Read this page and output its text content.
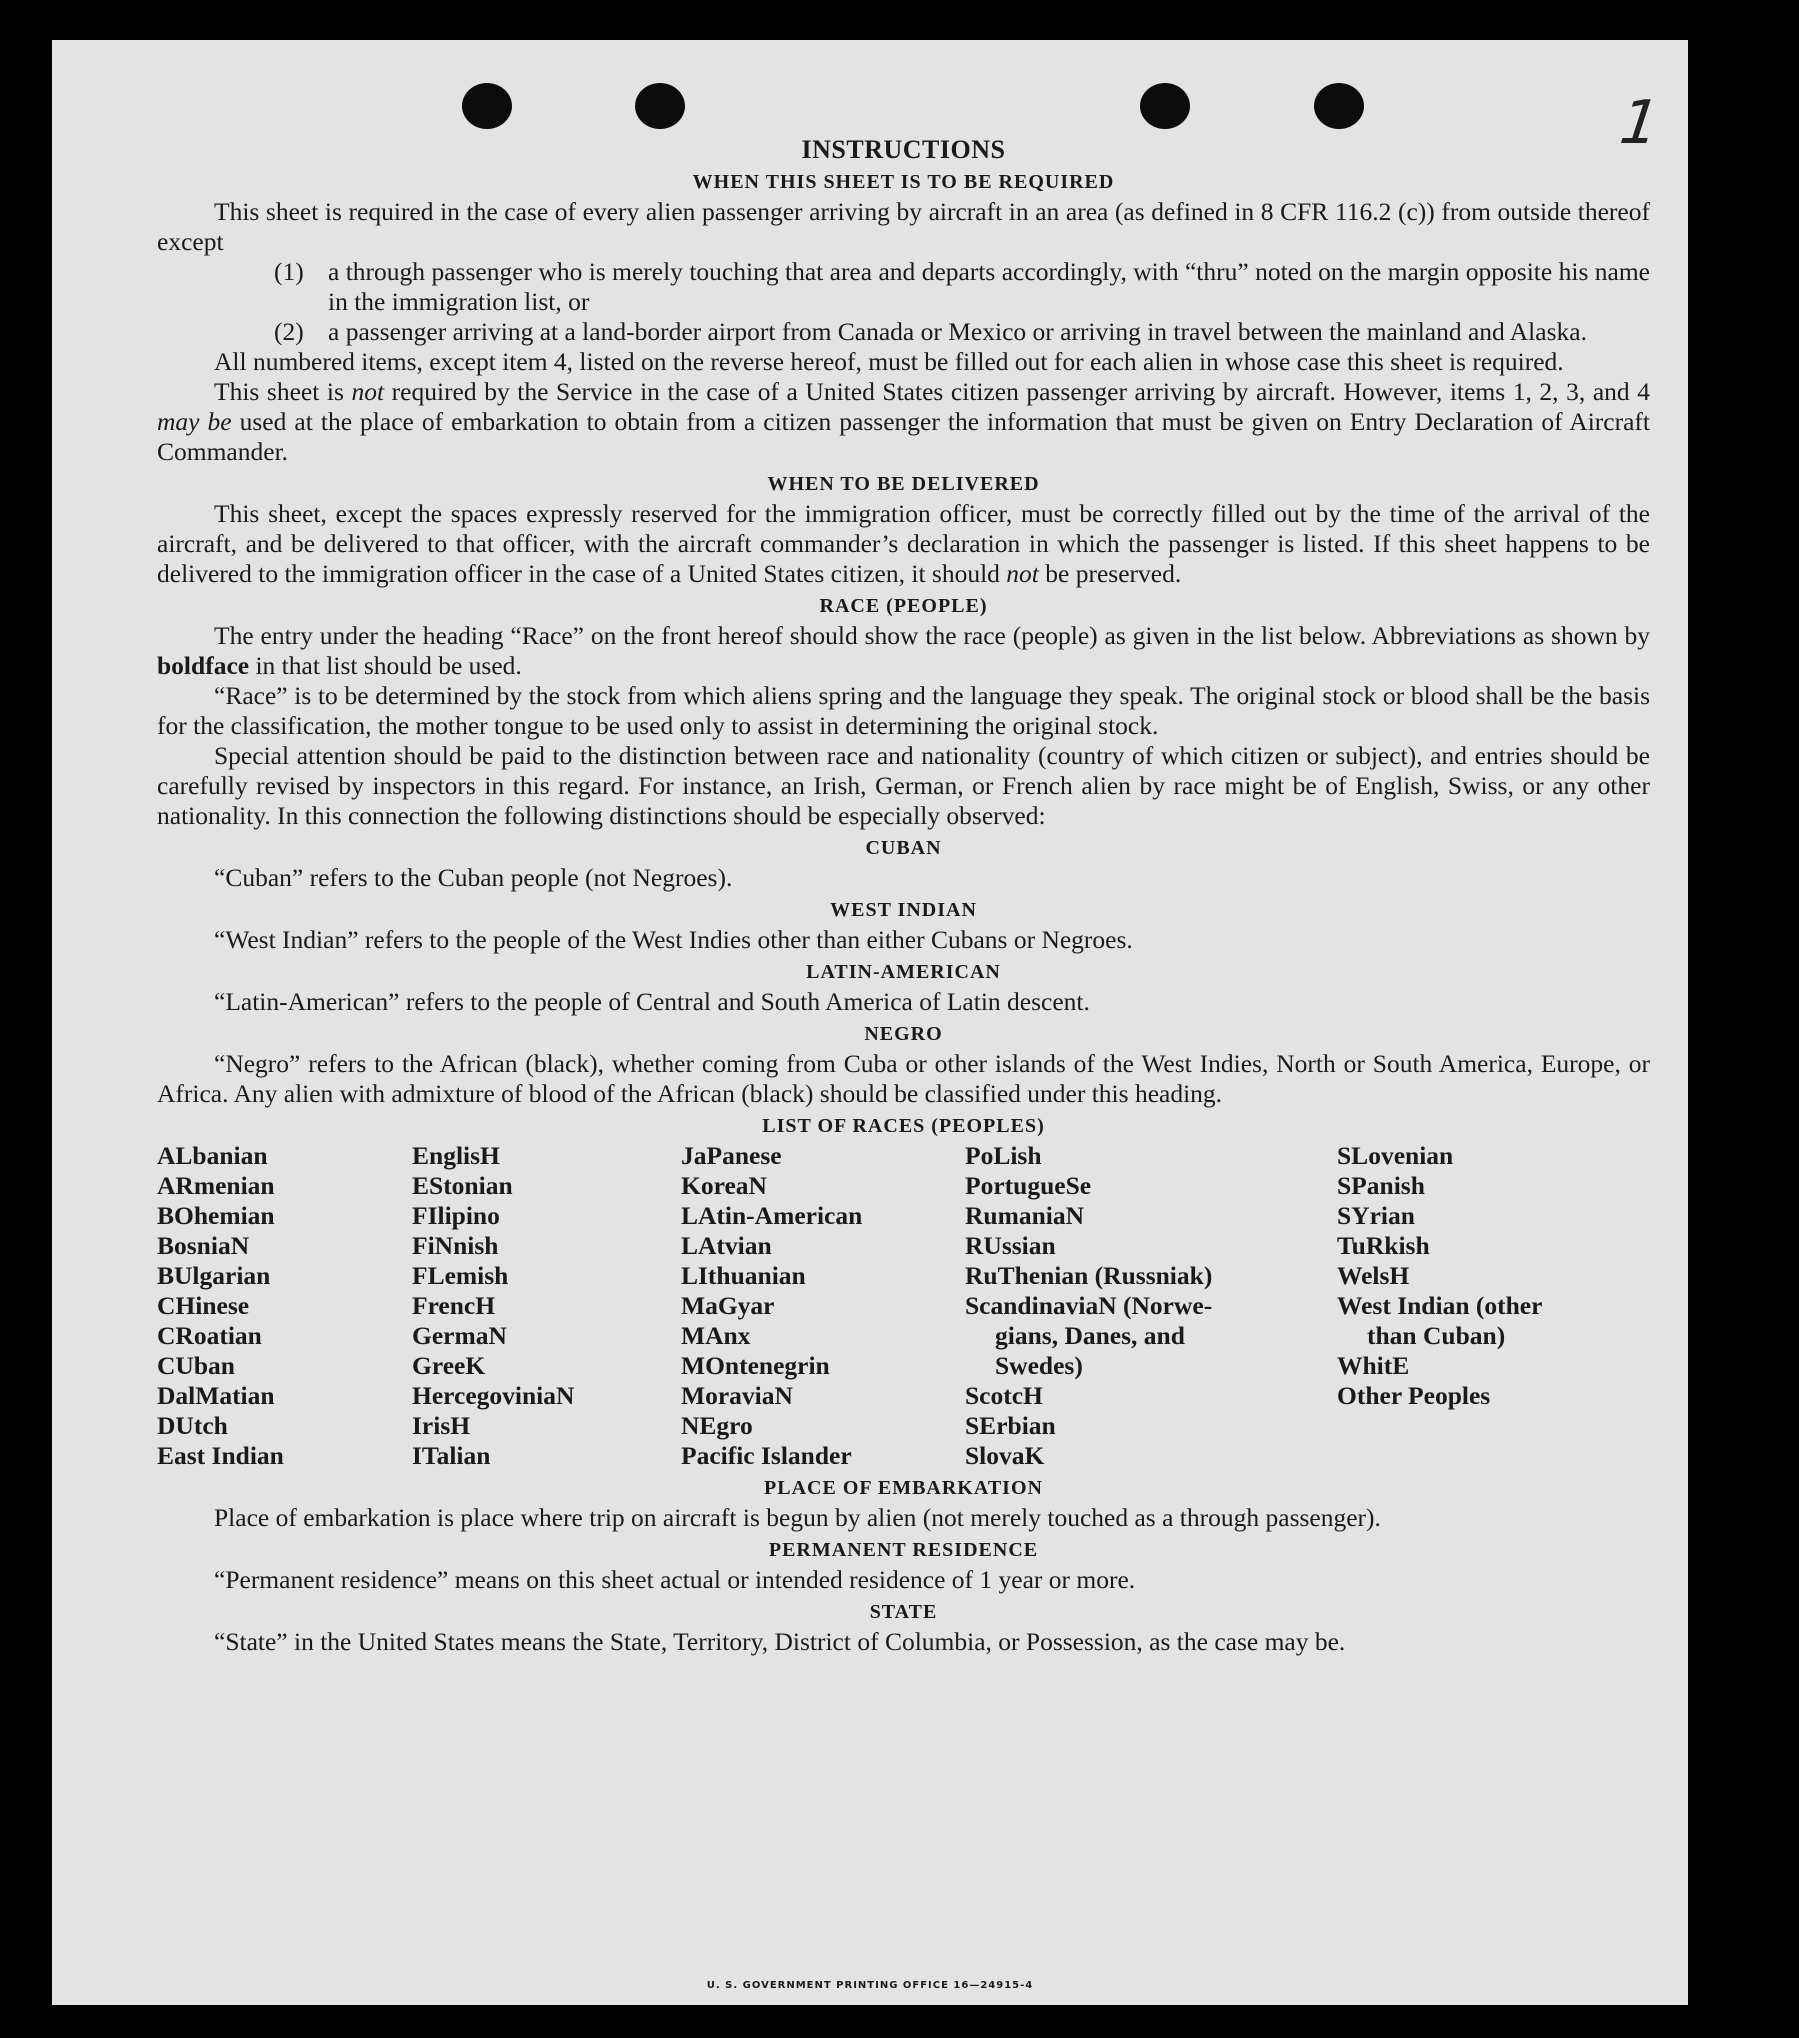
1
INSTRUCTIONS
WHEN THIS SHEET IS TO BE REQUIRED

This sheet is required in the case of every alien passenger arriving by aircraft in an area (as defined in 8 CFR 116.2 (c)) from outside thereof except

(1) a through passenger who is merely touching that area and departs accordingly, with “thru” noted on the margin opposite his name in the immigration list, or
(2) a passenger arriving at a land-border airport from Canada or Mexico or arriving in travel between the mainland and Alaska.

All numbered items, except item 4, listed on the reverse hereof, must be filled out for each alien in whose case this sheet is required.

This sheet is not required by the Service in the case of a United States citizen passenger arriving by aircraft. However, items 1, 2, 3, and 4 may be used at the place of embarkation to obtain from a citizen passenger the information that must be given on Entry Declaration of Aircraft Commander.

WHEN TO BE DELIVERED

This sheet, except the spaces expressly reserved for the immigration officer, must be correctly filled out by the time of the arrival of the aircraft, and be delivered to that officer, with the aircraft commander’s declaration in which the passenger is listed. If this sheet happens to be delivered to the immigration officer in the case of a United States citizen, it should not be preserved.

RACE (PEOPLE)

The entry under the heading “Race” on the front hereof should show the race (people) as given in the list below. Abbreviations as shown by boldface in that list should be used.

“Race” is to be determined by the stock from which aliens spring and the language they speak. The original stock or blood shall be the basis for the classification, the mother tongue to be used only to assist in determining the original stock.

Special attention should be paid to the distinction between race and nationality (country of which citizen or subject), and entries should be carefully revised by inspectors in this regard. For instance, an Irish, German, or French alien by race might be of English, Swiss, or any other nationality. In this connection the following distinctions should be especially observed:

CUBAN

“Cuban” refers to the Cuban people (not Negroes).

WEST INDIAN

“West Indian” refers to the people of the West Indies other than either Cubans or Negroes.

LATIN-AMERICAN

“Latin-American” refers to the people of Central and South America of Latin descent.

NEGRO

“Negro” refers to the African (black), whether coming from Cuba or other islands of the West Indies, North or South America, Europe, or Africa. Any alien with admixture of blood of the African (black) should be classified under this heading.

LIST OF RACES (PEOPLES)
ALbanian
ARmenian
BOhemian
BosniaN
BUlgarian
CHinese
CRoatian
CUban
DalMatian
DUtch
East Indian
EnglisH
EStonian
FIlipino
FiNnish
FLemish
FrencH
GermaN
GreeK
HercegoviniaN
IrisH
ITalian
JaPanese
KoreaN
LAtin-American
LAtvian
LIthuanian
MaGyar
MAnx
MOntenegrin
MoraviaN
NEgro
Pacific Islander
PoLish
PortugueSe
RumaniaN
RUssian
RuThenian (Russniak)
ScandinaviaN (Norwe-
gians, Danes, and
Swedes)
ScotcH
SErbian
SlovaK
SLovenian
SPanish
SYrian
TuRkish
WelsH
West Indian (other
than Cuban)
WhitE
Other Peoples
PLACE OF EMBARKATION

Place of embarkation is place where trip on aircraft is begun by alien (not merely touched as a through passenger).

PERMANENT RESIDENCE

“Permanent residence” means on this sheet actual or intended residence of 1 year or more.

STATE

“State” in the United States means the State, Territory, District of Columbia, or Possession, as the case may be.

U. S. GOVERNMENT PRINTING OFFICE 16—24915-4
